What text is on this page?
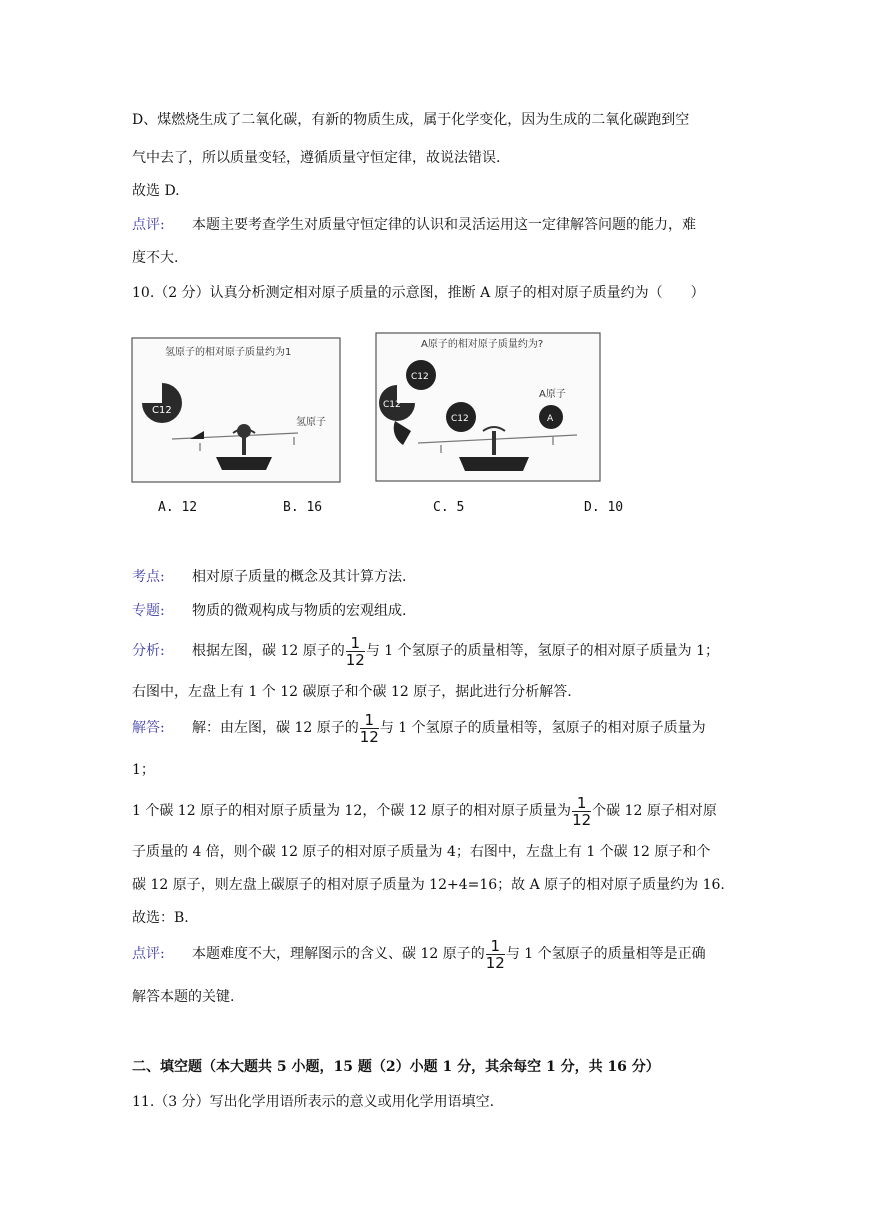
D、煤燃烧生成了二氧化碳，有新的物质生成，属于化学变化，因为生成的二氧化碳跑到空
气中去了，所以质量变轻，遵循质量守恒定律，故说法错误.
故选 D.
点评: 本题主要考查学生对质量守恒定律的认识和灵活运用这一定律解答问题的能力，难
度不大.
10.（2 分）认真分析测定相对原子质量的示意图，推断 A 原子的相对原子质量约为（　　）
氢原子的相对原子质量约为1
C12
氢原子
A原子的相对原子质量约为?
C12
C12
C12	A
A原子
A. 12	B. 16	C. 5	D. 10
考点: 相对原子质量的概念及其计算方法.
专题: 物质的微观构成与物质的宏观组成.
分析: 根据左图，碳 12 原子的 $\frac{1}{12}$ 与 1 个氢原子的质量相等，氢原子的相对原子质量为 1；
右图中，左盘上有 1 个 12 碳原子和个碳 12 原子，据此进行分析解答.
解答: 解：由左图，碳 12 原子的 $\frac{1}{12}$ 与 1 个氢原子的质量相等，氢原子的相对原子质量为
1；
1 个碳 12 原子的相对原子质量为 12，个碳 12 原子的相对原子质量为 $\frac{1}{12}$ 个碳 12 原子相对原
子质量的 4 倍，则个碳 12 原子的相对原子质量为 4；右图中，左盘上有 1 个碳 12 原子和个
碳 12 原子，则左盘上碳原子的相对原子质量为 12+4=16；故 A 原子的相对原子质量约为 16.
故选：B.
点评: 本题难度不大，理解图示的含义、碳 12 原子的 $\frac{1}{12}$ 与 1 个氢原子的质量相等是正确
解答本题的关键.
二、填空题（本大题共 5 小题，15 题（2）小题 1 分，其余每空 1 分，共 16 分）
11.（3 分）写出化学用语所表示的意义或用化学用语填空.
